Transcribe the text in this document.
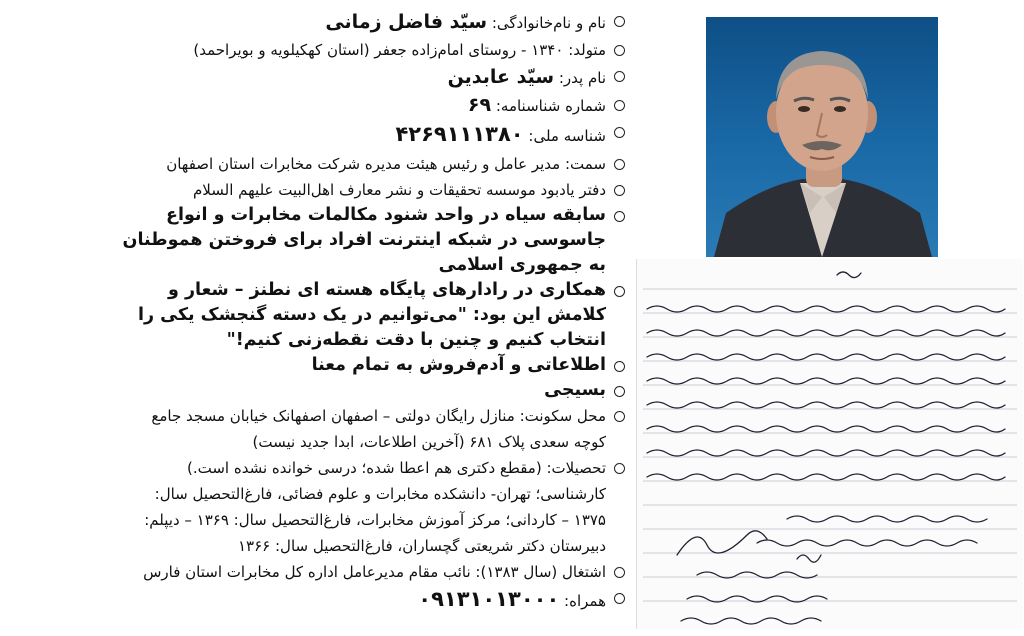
نام و نام‌خانوادگی: سیّد فاضل زمانی

متولد: ۱۳۴۰ - روستای امام‌زاده جعفر (استان کهکیلویه و بویراحمد)

نام پدر: سیّد عابدین

شماره شناسنامه: ۶۹

شناسه ملی: ۴۲۶۹۱۱۱۳۸۰

سمت: مدیر عامل و رئیس هیئت مدیره شرکت مخابرات استان اصفهان

دفتر یادبود موسسه تحقیقات و نشر معارف اهل‌البیت علیهم السلام

سابقه سیاه در واحد شنود مکالمات مخابرات و انواع جاسوسی در شبکه اینترنت افراد برای فروختن هموطنان به جمهوری اسلامی

همکاری در رادارهای پایگاه هسته ای نطنز – شعار و کلامش این بود: "می‌توانیم در یک دسته گنجشک یکی را انتخاب کنیم و چنین با دقت نقطه‌زنی کنیم!"

اطلاعاتی و آدم‌فروش به تمام معنا

بسیجی

محل سکونت: منازل رایگان دولتی – اصفهان اصفهانک خیابان مسجد جامع کوچه سعدی پلاک ۶۸۱ (آخرین اطلاعات، ابدا جدید نیست)

تحصیلات: (مقطع دکتری هم اعطا شده؛ درسی خوانده نشده است.) کارشناسی؛ تهران- دانشکده مخابرات و علوم فضائی، فارغ‌التحصیل سال: ۱۳۷۵ – کاردانی؛ مرکز آموزش مخابرات، فارغ‌التحصیل سال: ۱۳۶۹ – دیپلم: دبیرستان دکتر شریعتی گچساران، فارغ‌التحصیل سال: ۱۳۶۶

اشتغال (سال ۱۳۸۳): نائب مقام مدیرعامل اداره کل مخابرات استان فارس

همراه: ۰۹۱۳۱۰۱۳۰۰۰
